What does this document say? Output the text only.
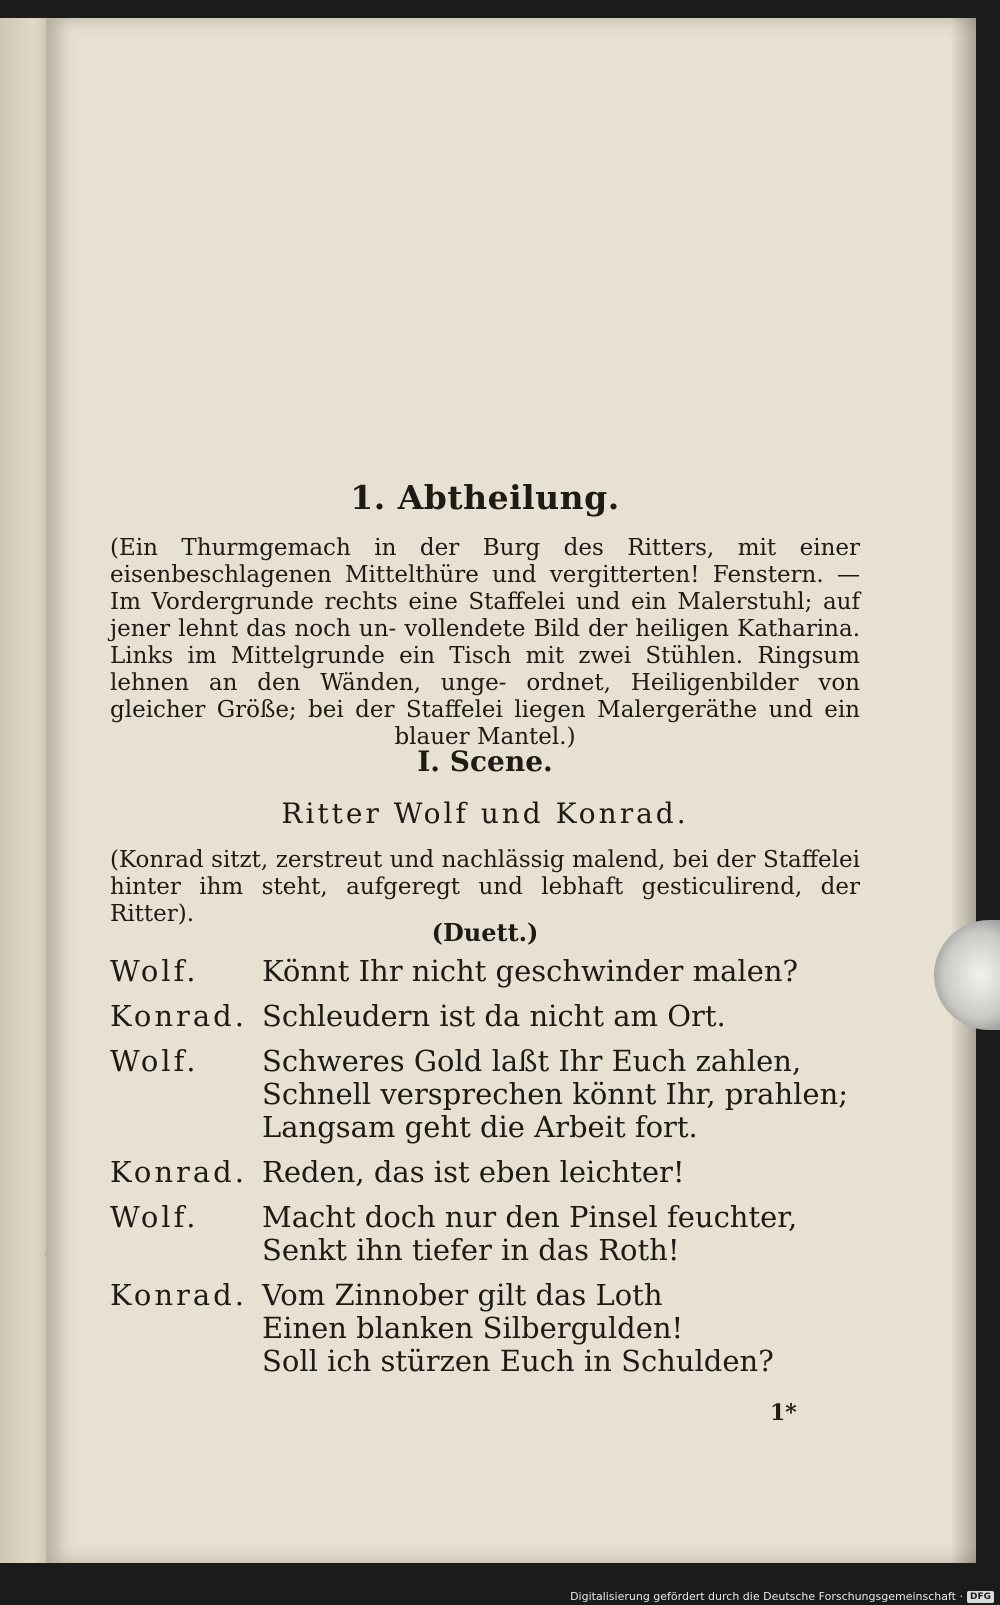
1. Abtheilung.
(Ein Thurmgemach in der Burg des Ritters, mit einer eisenbeschlagenen Mittelthüre und vergitterten! Fenstern. — Im Vordergrunde rechts eine Staffelei und ein Malerstuhl; auf jener lehnt das noch un- vollendete Bild der heiligen Katharina. Links im Mittelgrunde ein Tisch mit zwei Stühlen. Ringsum lehnen an den Wänden, unge- ordnet, Heiligenbilder von gleicher Größe; bei der Staffelei liegen Malergeräthe und ein blauer Mantel.)
I. Scene.
Ritter Wolf und Konrad.
(Konrad sitzt, zerstreut und nachlässig malend, bei der Staffelei hinter ihm steht, aufgeregt und lebhaft gesticulirend, der Ritter).
(Duett.)
Wolf.	Könnt Ihr nicht geschwinder malen?
Konrad. Schleudern ist da nicht am Ort.
Wolf.	Schweres Gold laßt Ihr Euch zahlen,
Schnell versprechen könnt Ihr, prahlen;
Langsam geht die Arbeit fort.
Konrad. Reden, das ist eben leichter!
Wolf.	Macht doch nur den Pinsel feuchter,
Senkt ihn tiefer in das Roth!
Konrad. Vom Zinnober gilt das Loth
Einen blanken Silbergulden!
Soll ich stürzen Euch in Schulden?
1*
Digitalisierung gefördert durch die Deutsche Forschungsgemeinschaft · DFG
